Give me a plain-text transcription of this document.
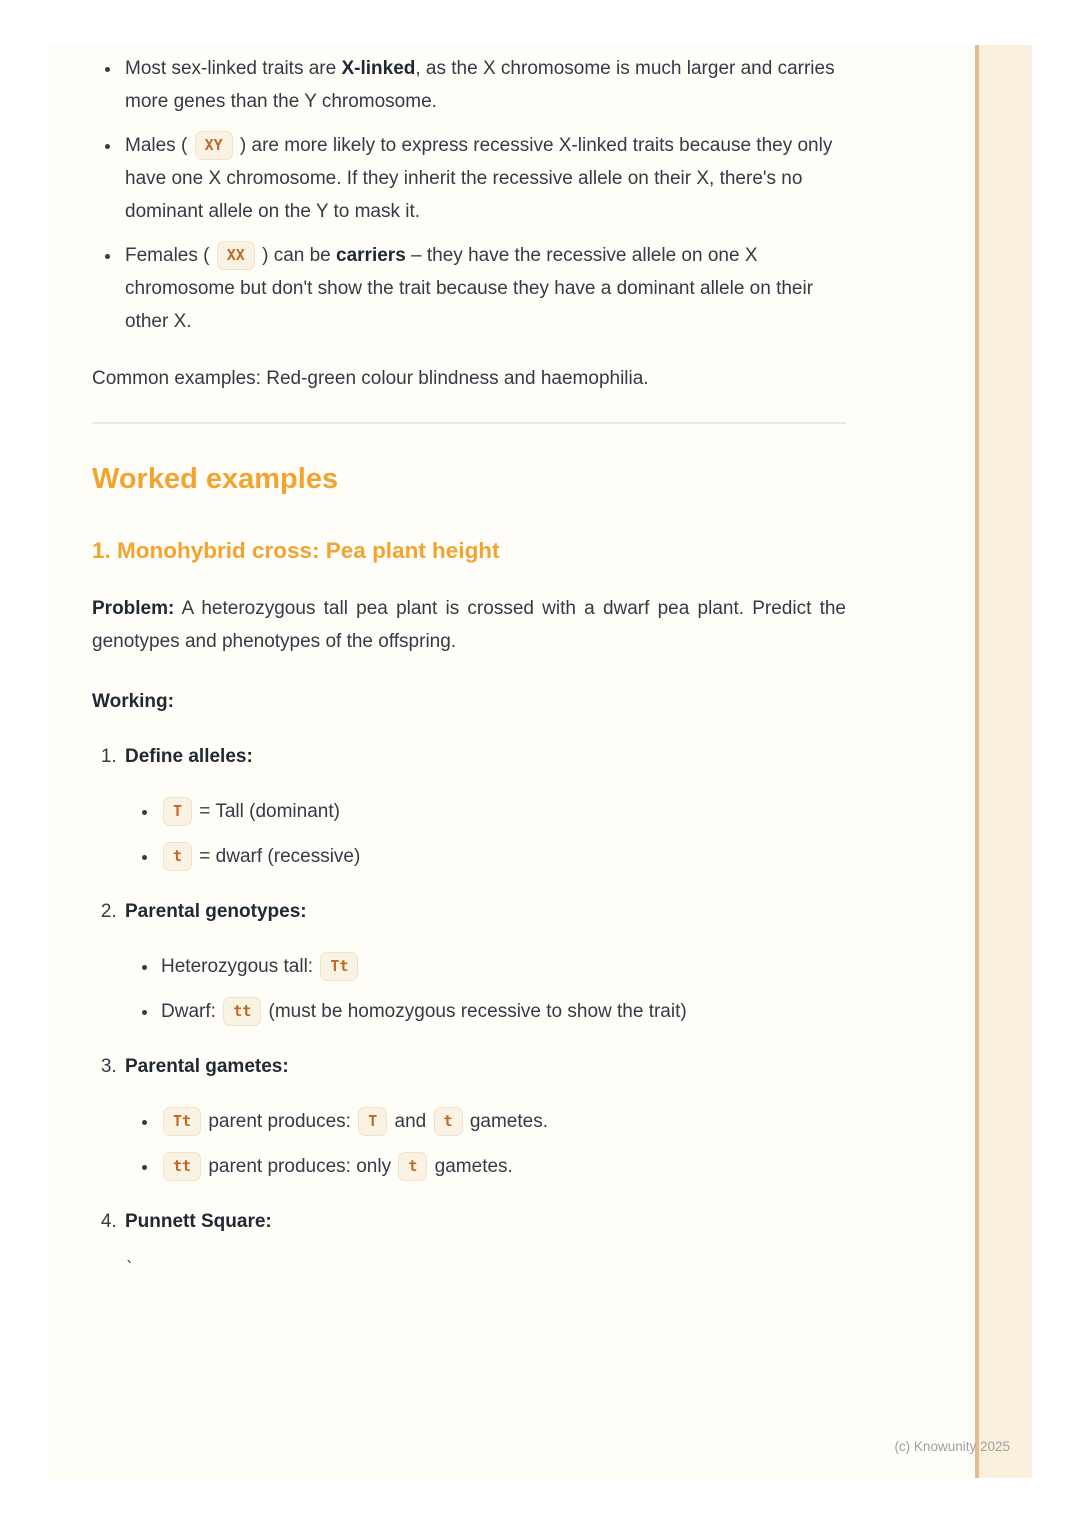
• Most sex-linked traits are X-linked, as the X chromosome is much larger and carries more genes than the Y chromosome.
• Males ( XY ) are more likely to express recessive X-linked traits because they only have one X chromosome. If they inherit the recessive allele on their X, there's no dominant allele on the Y to mask it.
• Females ( XX ) can be carriers – they have the recessive allele on one X chromosome but don't show the trait because they have a dominant allele on their other X.

Common examples: Red-green colour blindness and haemophilia.

Worked examples
1. Monohybrid cross: Pea plant height

Problem: A heterozygous tall pea plant is crossed with a dwarf pea plant. Predict the genotypes and phenotypes of the offspring.

Working:

1. Define alleles:
• T = Tall (dominant)
• t = dwarf (recessive)
2. Parental genotypes:
• Heterozygous tall: Tt
• Dwarf: tt (must be homozygous recessive to show the trait)
3. Parental gametes:
• Tt parent produces: T and t gametes.
• tt parent produces: only t gametes.
4. Punnett Square:

`

(c) Knowunity 2025
